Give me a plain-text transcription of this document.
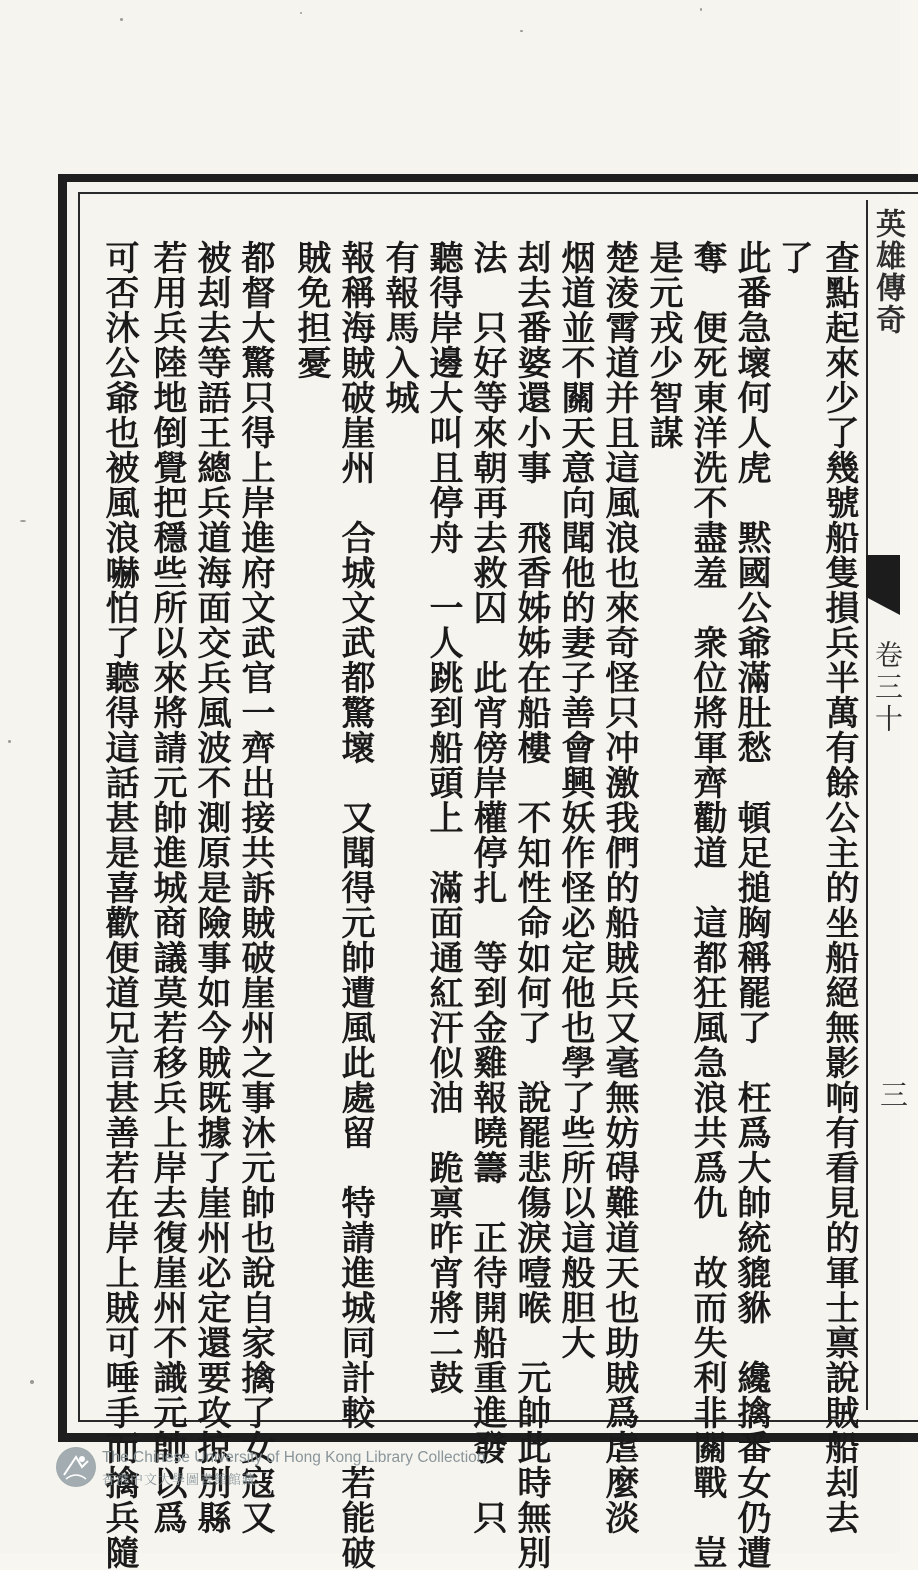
英雄傳奇
卷三十
三
查點起來少了幾號船隻損兵半萬有餘公主的坐船絕無影响有看見的軍士禀說賊船刦去
了
此番急壞何人虎　黙國公爺滿肚愁　頓足搥胸稱罷了　枉爲大帥統貔貅　纔擒番女仍遭
奪　便死東洋洗不盡羞　衆位將軍齊勸道　這都狂風急浪共爲仇　故而失利非關戰　豈
是元戎少智謀
楚淩霄道并且這風浪也來奇怪只冲激我們的船賊兵又毫無妨碍難道天也助賊爲虐麼淡
烟道並不關天意向聞他的妻子善會興妖作怪必定他也學了些所以這般胆大
刦去番婆還小事　飛香姊姊在船樓　不知性命如何了　說罷悲傷淚噎喉　元帥此時無別
法　只好等來朝再去救囚　此宵傍岸權停扎　等到金雞報曉籌　正待開船重進發　只
聽得岸邊大叫且停舟　一人跳到船頭上　滿面通紅汗似油　跪禀昨宵將二鼓
有報馬入城
報稱海賊破崖州　合城文武都驚壞　又聞得元帥遭風此處留　特請進城同計較　若能破
賊免担憂
都督大驚只得上岸進府文武官一齊出接共訴賊破崖州之事沐元帥也說自家擒了女寇又
被刦去等語王總兵道海面交兵風波不測原是險事如今賊既據了崖州必定還要攻掠別縣
若用兵陸地倒覺把穩些所以來將請元帥進城商議莫若移兵上岸去復崖州不識元帥以爲
可否沐公爺也被風浪嚇怕了聽得這話甚是喜歡便道兄言甚善若在岸上賊可唾手而擒兵隨
The Chinese University of Hong Kong Library Collection
香港中文大學圖書館館藏
